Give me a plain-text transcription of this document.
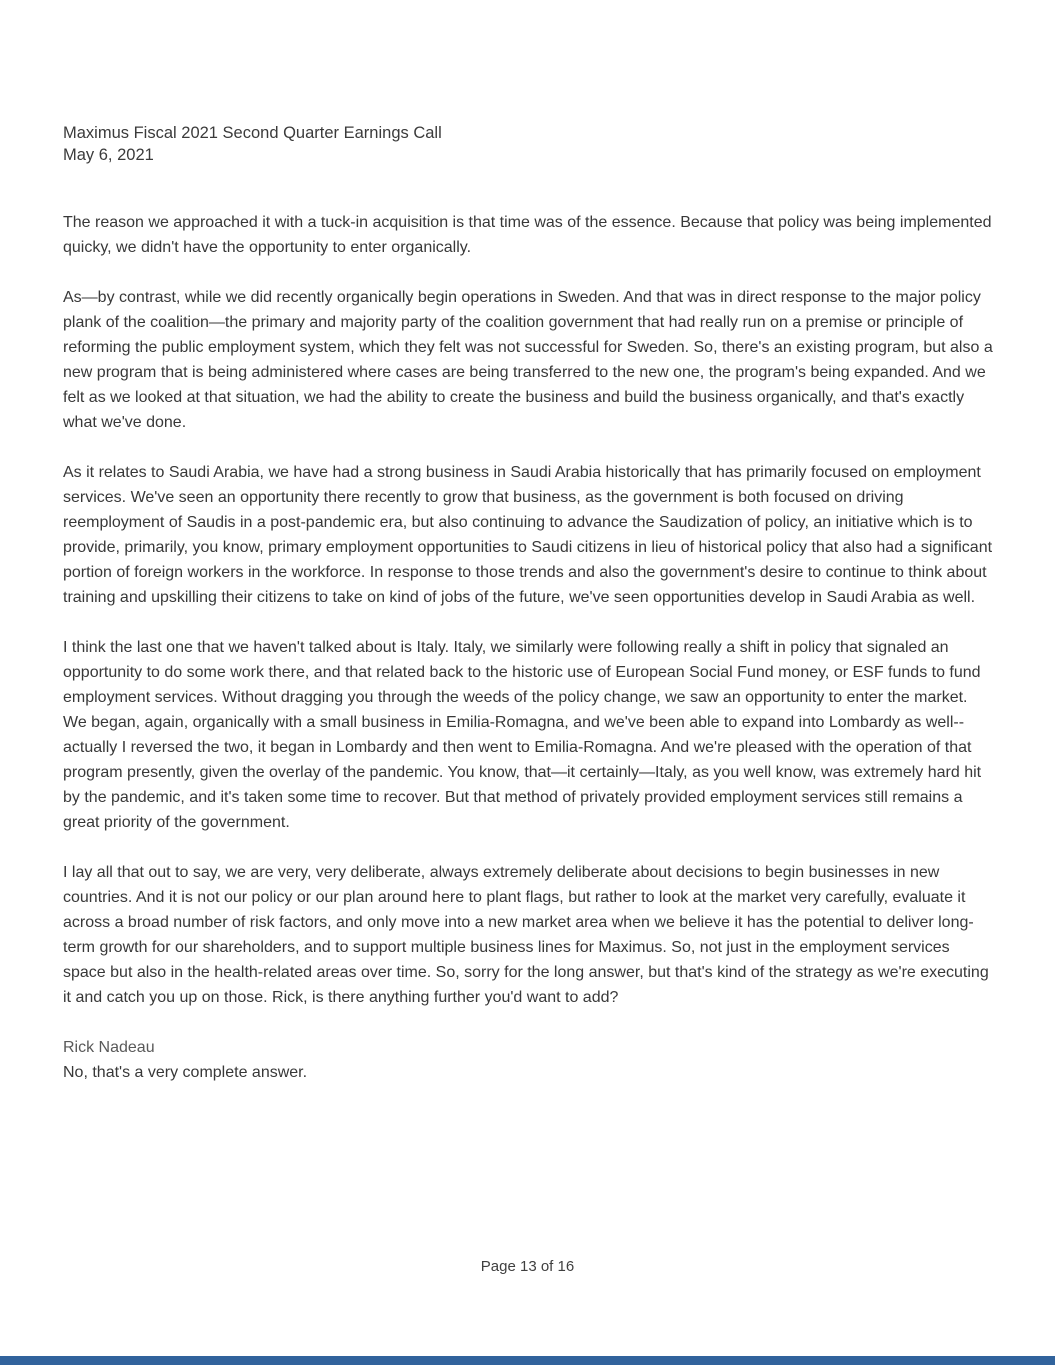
Maximus Fiscal 2021 Second Quarter Earnings Call
May 6, 2021

The reason we approached it with a tuck-in acquisition is that time was of the essence. Because that policy was being implemented quicky, we didn't have the opportunity to enter organically.

As—by contrast, while we did recently organically begin operations in Sweden. And that was in direct response to the major policy plank of the coalition—the primary and majority party of the coalition government that had really run on a premise or principle of reforming the public employment system, which they felt was not successful for Sweden. So, there's an existing program, but also a new program that is being administered where cases are being transferred to the new one, the program's being expanded. And we felt as we looked at that situation, we had the ability to create the business and build the business organically, and that's exactly what we've done.

As it relates to Saudi Arabia, we have had a strong business in Saudi Arabia historically that has primarily focused on employment services. We've seen an opportunity there recently to grow that business, as the government is both focused on driving reemployment of Saudis in a post-pandemic era, but also continuing to advance the Saudization of policy, an initiative which is to provide, primarily, you know, primary employment opportunities to Saudi citizens in lieu of historical policy that also had a significant portion of foreign workers in the workforce. In response to those trends and also the government's desire to continue to think about training and upskilling their citizens to take on kind of jobs of the future, we've seen opportunities develop in Saudi Arabia as well.

I think the last one that we haven't talked about is Italy. Italy, we similarly were following really a shift in policy that signaled an opportunity to do some work there, and that related back to the historic use of European Social Fund money, or ESF funds to fund employment services. Without dragging you through the weeds of the policy change, we saw an opportunity to enter the market. We began, again, organically with a small business in Emilia-Romagna, and we've been able to expand into Lombardy as well--actually I reversed the two, it began in Lombardy and then went to Emilia-Romagna. And we're pleased with the operation of that program presently, given the overlay of the pandemic. You know, that—it certainly—Italy, as you well know, was extremely hard hit by the pandemic, and it's taken some time to recover. But that method of privately provided employment services still remains a great priority of the government.

I lay all that out to say, we are very, very deliberate, always extremely deliberate about decisions to begin businesses in new countries. And it is not our policy or our plan around here to plant flags, but rather to look at the market very carefully, evaluate it across a broad number of risk factors, and only move into a new market area when we believe it has the potential to deliver long-term growth for our shareholders, and to support multiple business lines for Maximus. So, not just in the employment services space but also in the health-related areas over time. So, sorry for the long answer, but that's kind of the strategy as we're executing it and catch you up on those. Rick, is there anything further you'd want to add?

Rick Nadeau
No, that's a very complete answer.
Page 13 of 16
